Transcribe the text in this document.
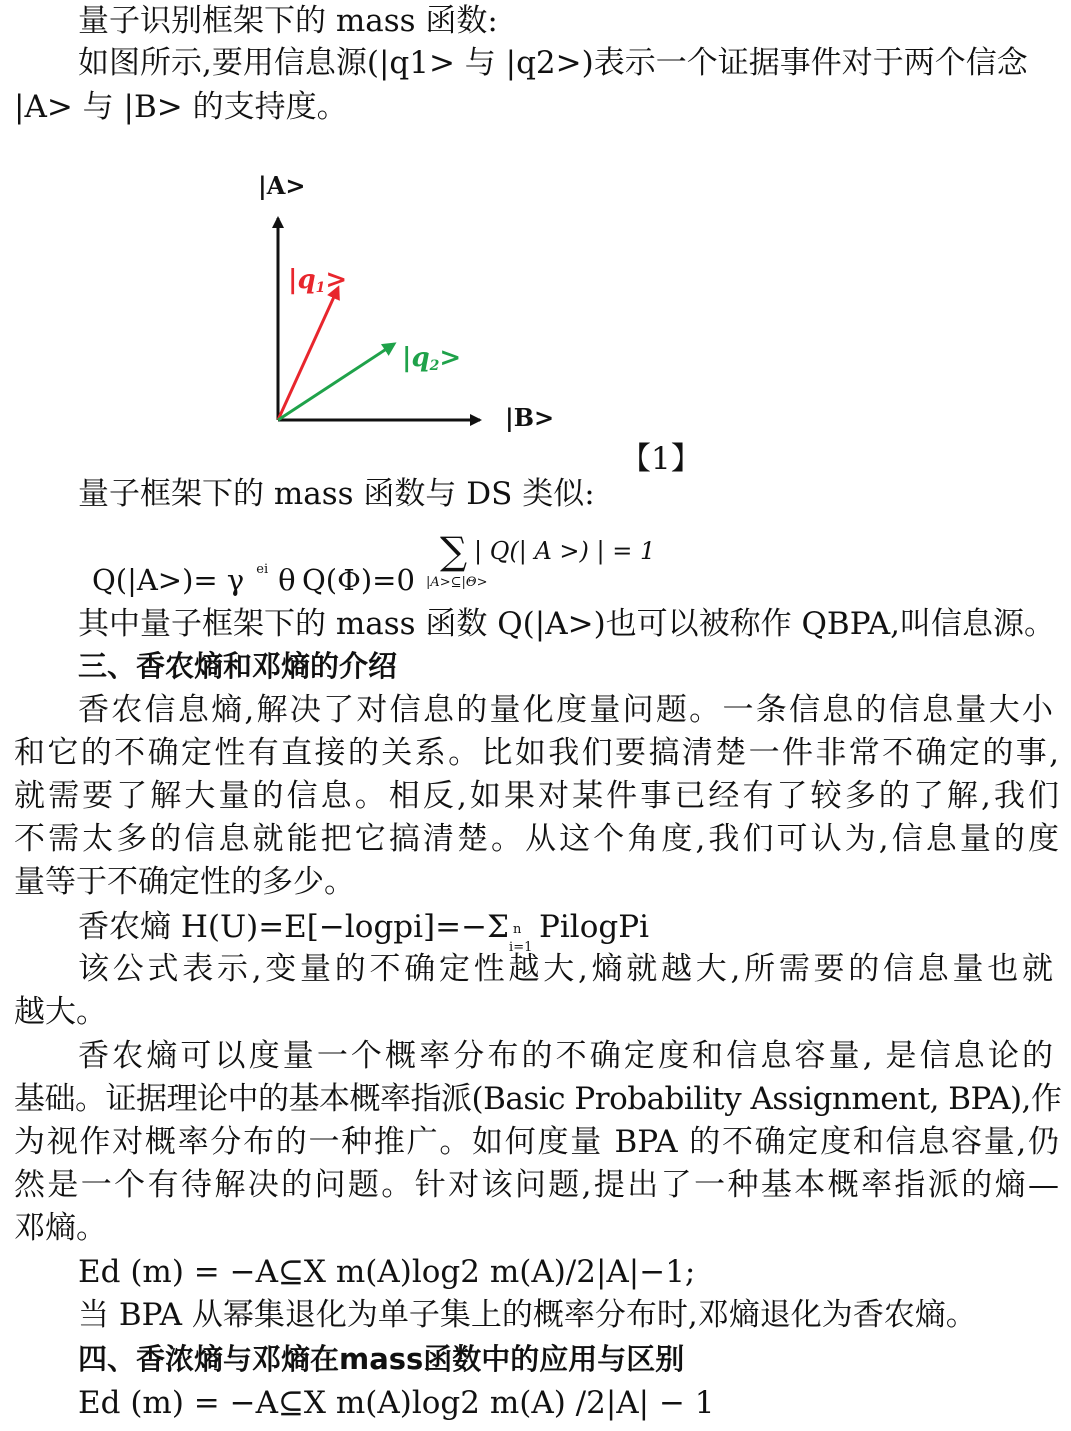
量子识别框架下的 mass 函数:
如图所示,要用信息源(|q1> 与 |q2>)表示一个证据事件对于两个信念
|A> 与 |B> 的支持度。
|A>
|B>
|q1>
|q2>
【1】
量子框架下的 mass 函数与 DS 类似:
Q(|A>)= γ $^{ei}$ θ Q(Φ)=0
∑ | Q(| A >) | = 1
|A>⊆|Θ>
其中量子框架下的 mass 函数 Q(|A>)也可以被称作 QBPA,叫信息源。
三、香农熵和邓熵的介绍
香农信息熵,解决了对信息的量化度量问题。一条信息的信息量大小
和它的不确定性有直接的关系。比如我们要搞清楚一件非常不确定的事,
就需要了解大量的信息。相反,如果对某件事已经有了较多的了解,我们
不需太多的信息就能把它搞清楚。从这个角度,我们可认为,信息量的度
量等于不确定性的多少。
香农熵 H(U)=E[−logpi]=−Σ n
i=1
PilogPi
该公式表示,变量的不确定性越大,熵就越大,所需要的信息量也就
越大。
香农熵可以度量一个概率分布的不确定度和信息容量, 是信息论的
基础。证据理论中的基本概率指派(Basic Probability Assignment, BPA),作
为视作对概率分布的一种推广。如何度量 BPA 的不确定度和信息容量,仍
然是一个有待解决的问题。针对该问题,提出了一种基本概率指派的熵—
邓熵。
Ed (m) = −A⊆X m(A)log2 m(A)/2|A|−1;
当 BPA 从幂集退化为单子集上的概率分布时,邓熵退化为香农熵。
四、香浓熵与邓熵在mass函数中的应用与区别
Ed (m) = −A⊆X m(A)log2 m(A) /2|A| − 1
